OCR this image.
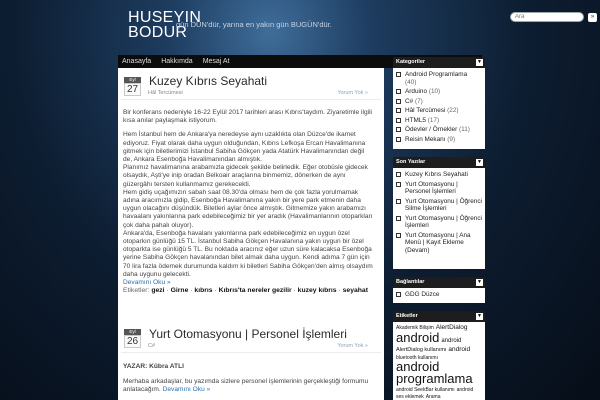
HUSEYIN
BODUR
gün DÜN'dür, yarına en yakın gün BUGÜN'dür.
Ara
»
Anasayfa	Hakkımda	Mesaj At
Eyl
27
Kuzey Kıbrıs Seyahati
Hâl Tercümesi	Yorum Yok »

Bir konferans nedeniyle 16-22 Eylül 2017 tarihleri arası Kıbrıs'taydım. Ziyaretimle ilgili kısa anılar paylaşmak istiyorum.

Hem İstanbul hem de Ankara'ya neredeyse aynı uzaklıkta olan Düzce'de ikamet ediyoruz. Fiyat olarak daha uygun olduğundan, Kıbrıs Lefkoşa Ercan Havalimanına gitmek için biletlerimizi İstanbul Sabiha Gökçen yada Atatürk Havalimanından değil de, Ankara Esenboğa Havalimanından almıştık.

Planımız havalimanına arabamızla gidecek şekilde belirledik. Eğer otobüsle gidecek olsaydık, Aşti'ye inip oradan Belkoair araçlarına binmemiz, dönerken de aynı güzergâhı tersten kullanmamız gerekecekti.

Hem gidiş uçağımızın sabah saat 08.30'da olması hem de çok fazla yorulmamak adına aracımızla gidip, Esenboğa Havalimanına yakın bir yere park etmenin daha uygun olacağını düşündük. Biletleri aylar önce almıştık. Gitmemize yakın arabamızı havaalanı yakınlarına park edebileceğimiz bir yer aradık (Havalimanlarının otoparkları çok daha pahalı oluyor).

Ankara'da, Esenboğa havalanı yakınlarına park edebileceğimiz en uygun özel otoparkın günlüğü 15 TL. İstanbul Sabiha Gökçen Havalanına yakın uygun bir özel otoparkta ise günlüğü 5 TL. Bu noktada aracınız eğer uzun süre kalacaksa Esenboğa yerine Sabiha Gökçen havalanından bilet almak daha uygun. Kendi adıma 7 gün için 70 lira fazla ödemek durumunda kaldım ki biletleri Sabiha Gökçen'den almış olsaydım daha uygunu gelecekti.

Devamını Oku »
Etiketler: gezi · Girne · kıbrıs · Kıbrıs'ta nereler gezilir · kuzey kıbrıs · seyahat
Eyl
26
Yurt Otomasyonu | Personel İşlemleri
C#	Yorum Yok »

YAZAR: Kübra ATLI

Merhaba arkadaşlar, bu yazımda sizlere personel işlemlerinin gerçekleştiği formumu anlatacağım. Devamını Oku »

Kategoriler	▼
Android Programlama
(40)
Arduino (10)
C# (7)
Hâl Tercümesi (22)
HTML5 (17)
Ödevler / Örnekler (11)
Reisin Mekanı (9)
Son Yazılar	▼
Kuzey Kıbrıs Seyahati
Yurt Otomasyonu | Personel İşlemleri
Yurt Otomasyonu | Öğrenci Silme İşlemleri
Yurt Otomasyonu | Öğrenci İşlemleri
Yurt Otomasyonu | Ana Menü | Kayıt Ekleme (Devam)
Bağlantılar	▼
GDG Düzce
Etiketler	▼
Akademik Bilişim AlertDialog android android AlertDialog kullanımı android bluetooth kullanımı android programlama android SeekBar kullanımı android ses eklemek Arama
